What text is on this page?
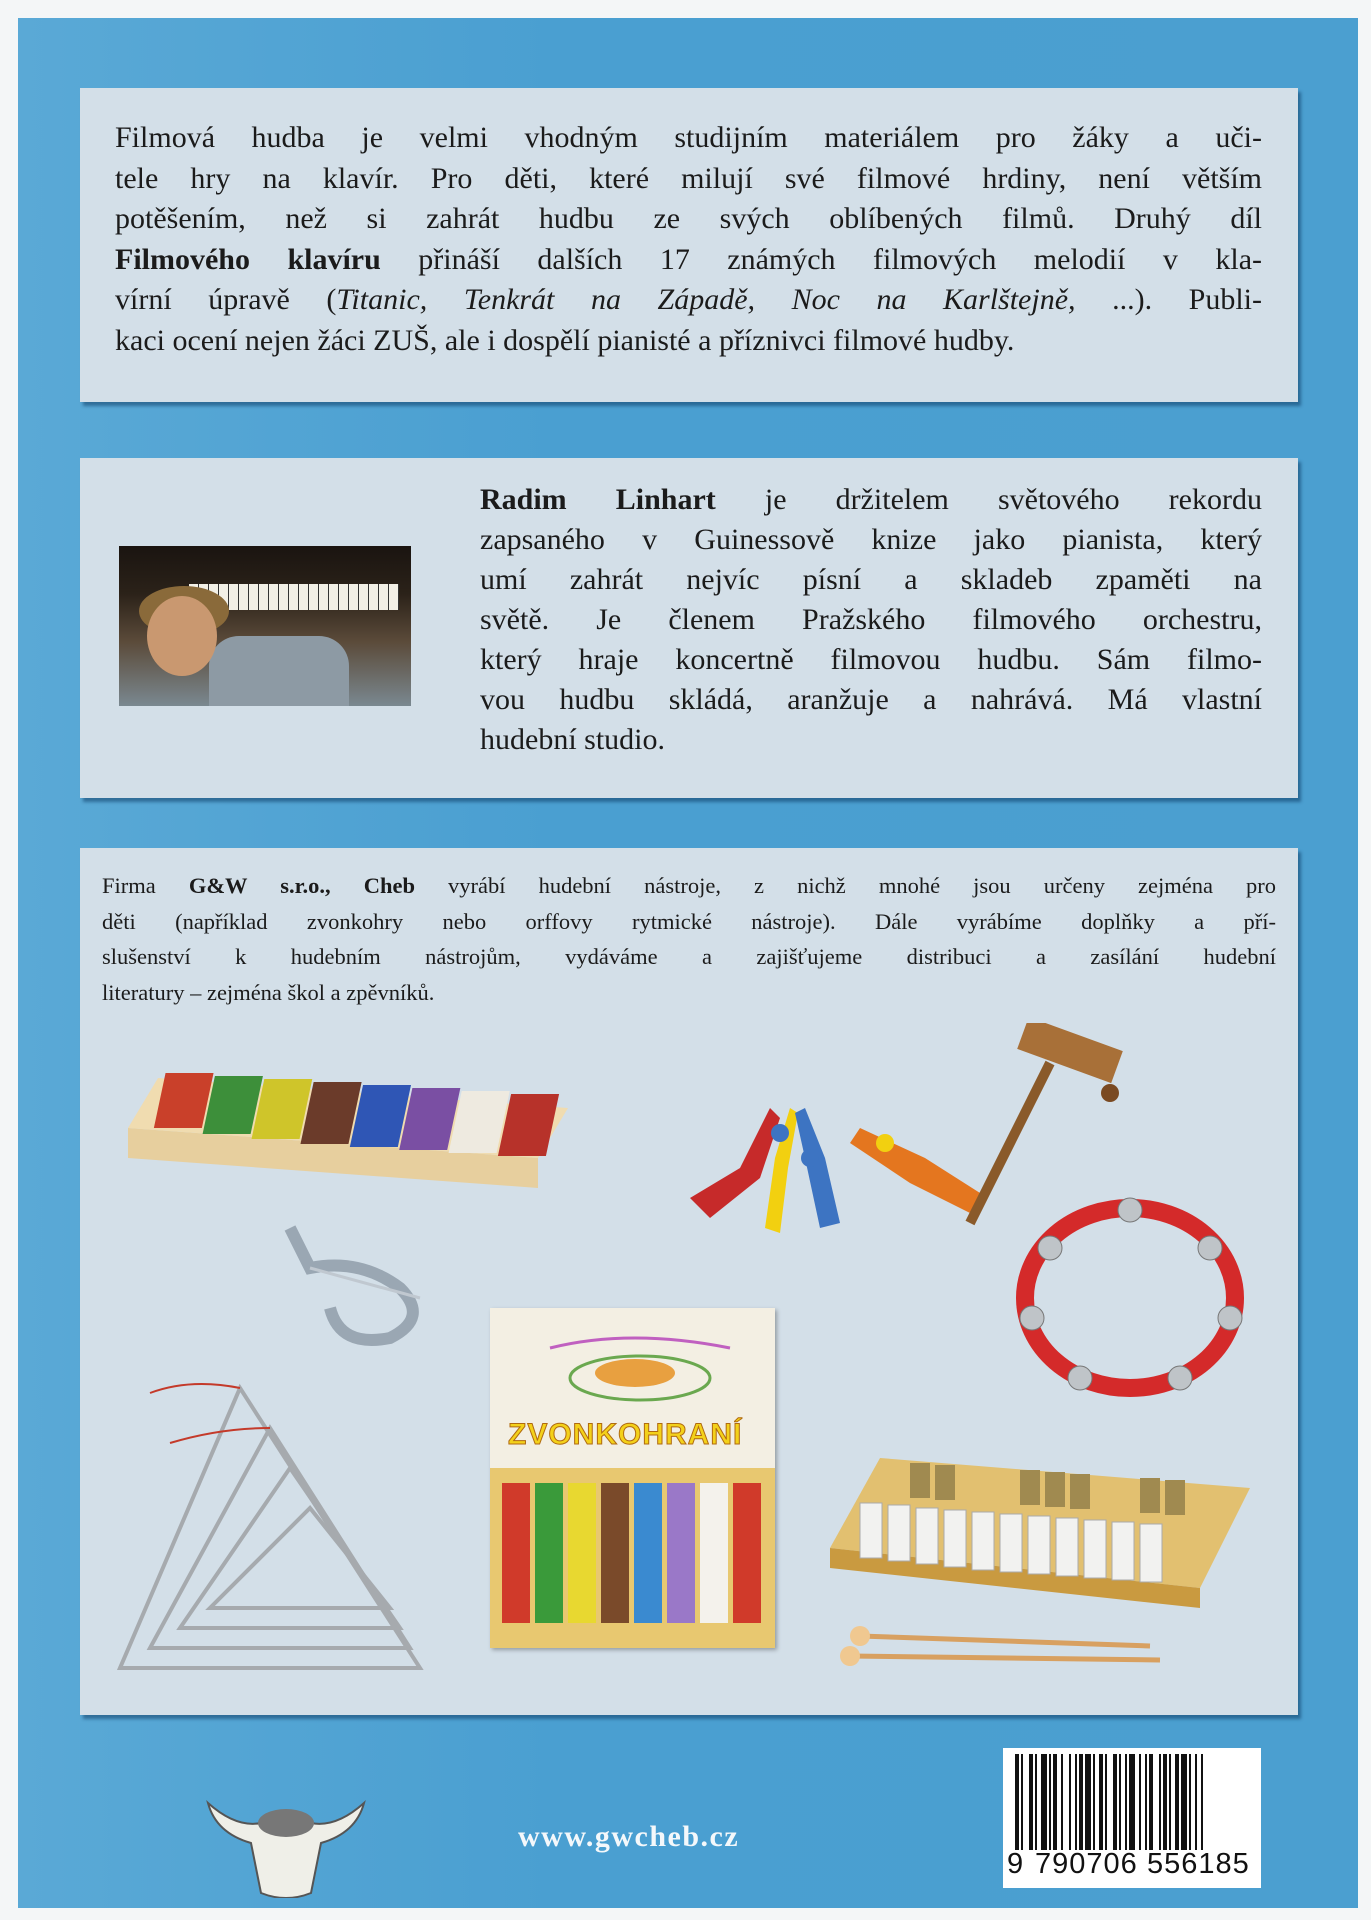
Filmová hudba je velmi vhodným studijním materiálem pro žáky a uči-
tele hry na klavír. Pro děti, které milují své filmové hrdiny, není větším
potěšením, než si zahrát hudbu ze svých oblíbených filmů. Druhý díl
Filmového klavíru přináší dalších 17 známých filmových melodií v kla-
vírní úpravě (Titanic, Tenkrát na Západě, Noc na Karlštejně, ...). Publi-
kaci ocení nejen žáci ZUŠ, ale i dospělí pianisté a příznivci filmové hudby.
Radim Linhart je držitelem světového rekordu
zapsaného v Guinessově knize jako pianista, který
umí zahrát nejvíc písní a skladeb zpaměti na
světě. Je členem Pražského filmového orchestru,
který hraje koncertně filmovou hudbu. Sám filmo-
vou hudbu skládá, aranžuje a nahrává. Má vlastní
hudební studio.
Firma G&W s.r.o., Cheb vyrábí hudební nástroje, z nichž mnohé jsou určeny zejména pro
děti (například zvonkohry nebo orffovy rytmické nástroje). Dále vyrábíme doplňky a pří-
slušenství k hudebním nástrojům, vydáváme a zajišťujeme distribuci a zasílání hudební
literatury – zejména škol a zpěvníků.
ZVONKOHRANÍ
www.gwcheb.cz
9 790706 556185
